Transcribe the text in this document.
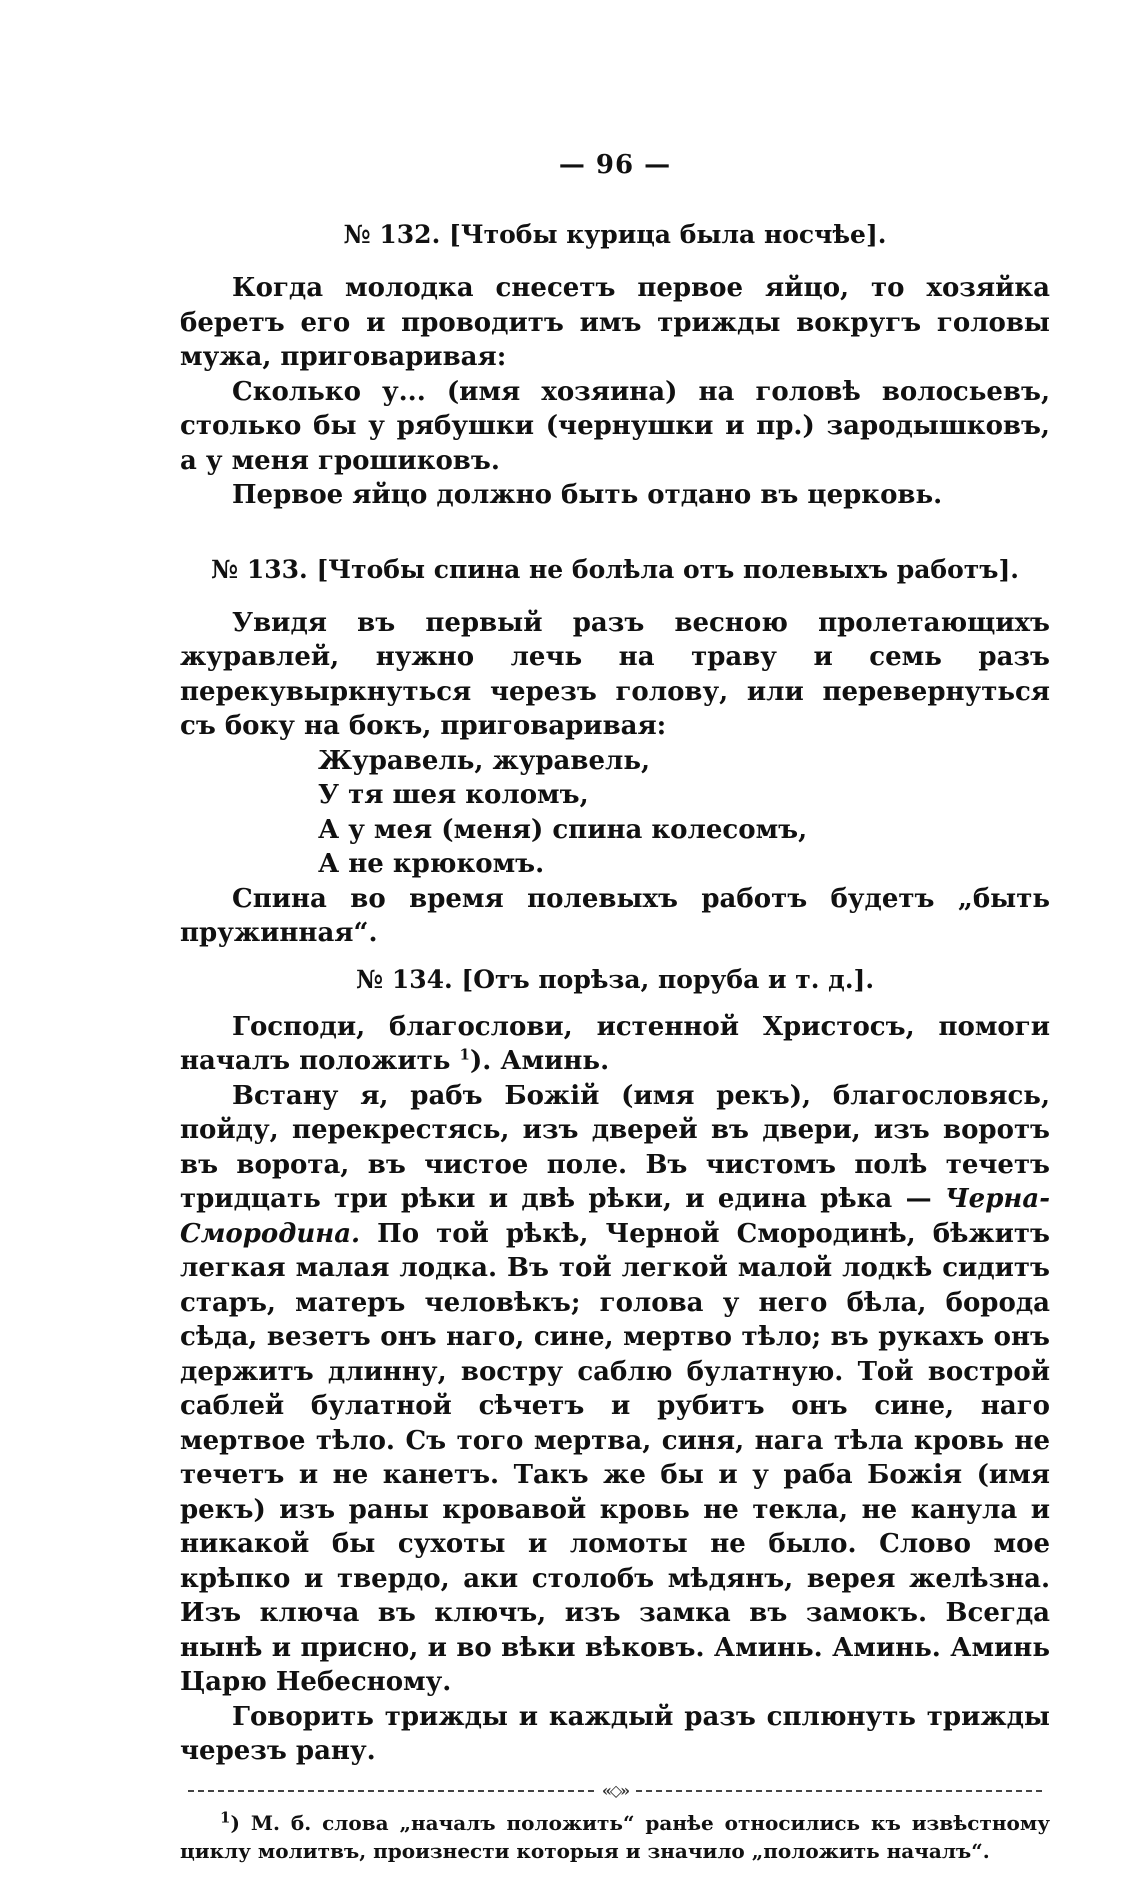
— 96 —
№ 132. [Чтобы курица была носчѣе].

Когда молодка снесетъ первое яйцо, то хозяйка беретъ его и проводитъ имъ трижды вокругъ головы мужа, приговаривая:

Сколько у... (имя хозяина) на головѣ волосьевъ, столько бы у рябушки (чернушки и пр.) зародышковъ, а у меня грошиковъ.

Первое яйцо должно быть отдано въ церковь.

№ 133. [Чтобы спина не болѣла отъ полевыхъ работъ].

Увидя въ первый разъ весною пролетающихъ журавлей, нужно лечь на траву и семь разъ перекувыркнуться черезъ голову, или перевернуться съ боку на бокъ, приговаривая:

Журавель, журавель,
У тя шея коломъ,
А у мея (меня) спина колесомъ,
А не крюкомъ.

Спина во время полевыхъ работъ будетъ „быть пружинная“.

№ 134. [Отъ порѣза, поруба и т. д.].

Господи, благослови, истенной Христосъ, помоги началъ положить $^1$). Аминь.

Встану я, рабъ Божій (имя рекъ), благословясь, пойду, перекрестясь, изъ дверей въ двери, изъ воротъ въ ворота, въ чистое поле. Въ чистомъ полѣ течетъ тридцать три рѣки и двѣ рѣки, и едина рѣка — Черна-Смородина. По той рѣкѣ, Черной Смородинѣ, бѣжитъ легкая малая лодка. Въ той легкой малой лодкѣ сидитъ старъ, матеръ человѣкъ; голова у него бѣла, борода сѣда, везетъ онъ наго, сине, мертво тѣло; въ рукахъ онъ держитъ длинну, востру саблю булатную. Той вострой саблей булатной сѣчетъ и рубитъ онъ сине, наго мертвое тѣло. Съ того мертва, синя, нага тѣла кровь не течетъ и не канетъ. Такъ же бы и у раба Божія (имя рекъ) изъ раны кровавой кровь не текла, не канула и никакой бы сухоты и ломоты не было. Слово мое крѣпко и твердо, аки столобъ мѣдянъ, верея желѣзна. Изъ ключа въ ключъ, изъ замка въ замокъ. Всегда нынѣ и присно, и во вѣки вѣковъ. Аминь. Аминь. Аминь Царю Небесному.

Говорить трижды и каждый разъ сплюнуть трижды черезъ рану.

«◇»

$^1$) М. б. слова „началъ положить“ ранѣе относились къ извѣстному циклу молитвъ, произнести которыя и значило „положить началъ“.
